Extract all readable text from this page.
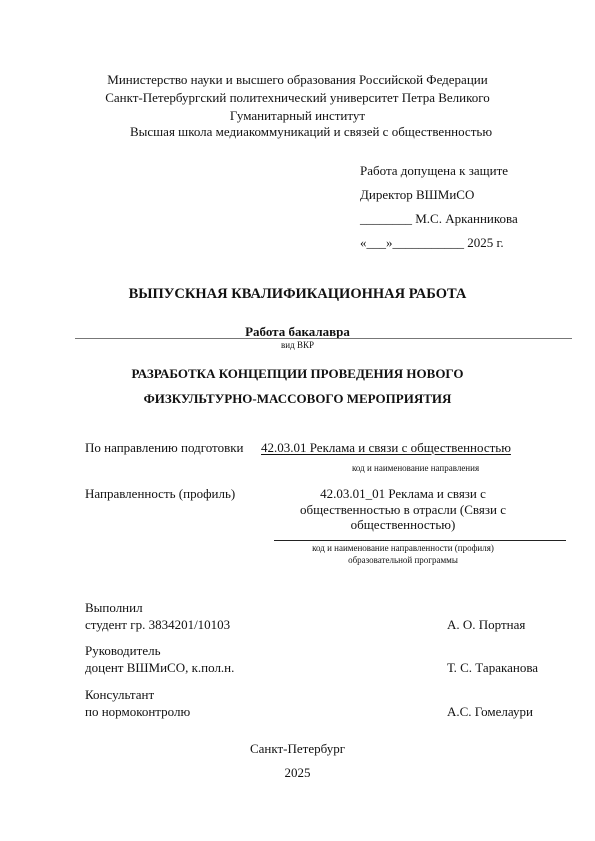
Министерство науки и высшего образования Российской Федерации
Санкт-Петербургский политехнический университет Петра Великого
Гуманитарный институт
Высшая школа медиакоммуникаций и связей с общественностью
Работа допущена к защите
Директор ВШМиСО
________ М.С. Арканникова
«___»___________ 2025 г.
ВЫПУСКНАЯ КВАЛИФИКАЦИОННАЯ РАБОТА
Работа бакалавра
вид ВКР
РАЗРАБОТКА КОНЦЕПЦИИ ПРОВЕДЕНИЯ НОВОГО
ФИЗКУЛЬТУРНО-МАССОВОГО МЕРОПРИЯТИЯ
По направлению подготовки 42.03.01 Реклама и связи с общественностью
код и наименование направления
Направленность (профиль)	42.03.01_01 Реклама и связи с
общественностью в отрасли (Связи с
общественностью)
код и наименование направленности (профиля)
образовательной программы
Выполнил
студент гр. 3834201/10103	А. О. Портная
Руководитель
доцент ВШМиСО, к.пол.н.	Т. С. Тараканова
Консультант
по нормоконтролю	А.С. Гомелаури
Санкт-Петербург
2025
